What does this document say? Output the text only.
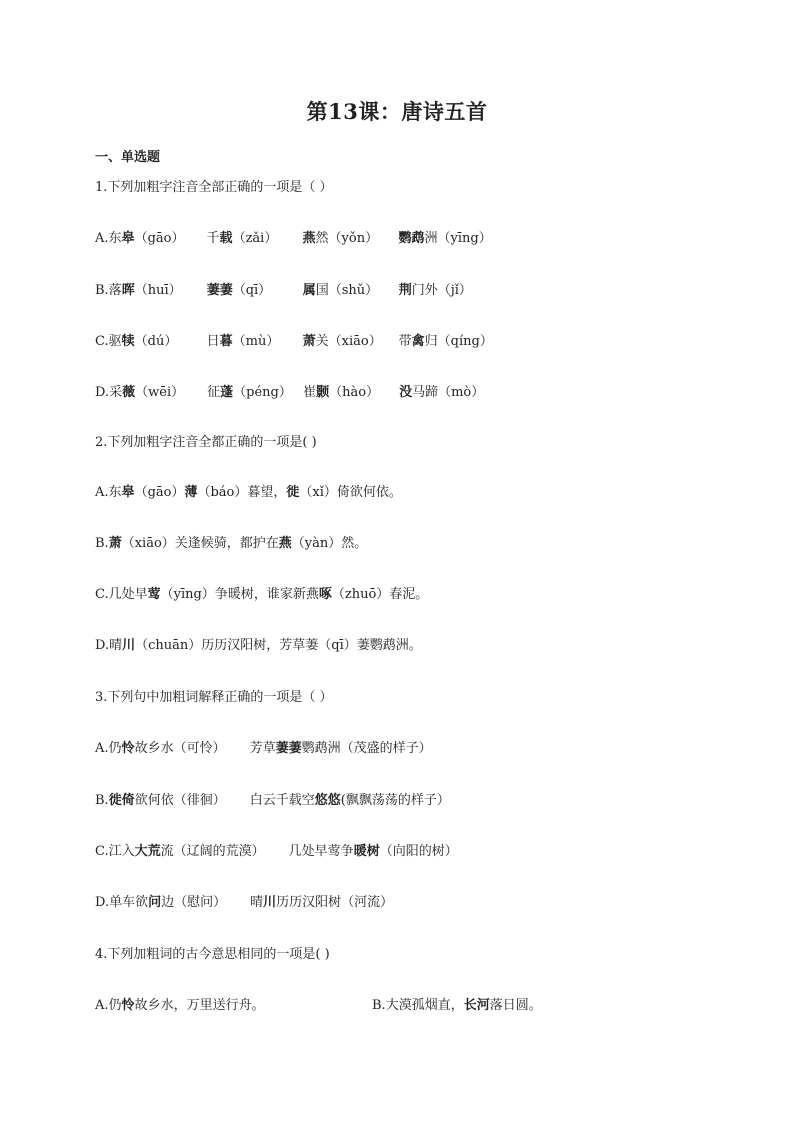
第13课：唐诗五首
一、单选题
1.下列加粗字注音全部正确的一项是（ ）
A.东皋（gāo） 千载（zǎi） 燕然（yǒn） 鹦鹉洲（yīng）
B.落晖（huī） 萋萋（qī） 属国（shǔ） 荆门外（jǐ）
C.驱犊（dú） 日暮（mù） 萧关（xiāo） 带禽归（qíng）
D.采薇（wēi） 征蓬（péng） 崔颢（hào） 没马蹄（mò）
2.下列加粗字注音全都正确的一项是( )
A.东皋（gāo）薄（báo）暮望，徙（xǐ）倚欲何依。
B.萧（xiāo）关逢候骑，都护在燕（yàn）然。
C.几处早莺（yīng）争暖树，谁家新燕啄（zhuō）春泥。
D.晴川（chuān）历历汉阳树，芳草萋（qī）萋鹦鹉洲。
3.下列句中加粗词解释正确的一项是（ ）
A.仍怜故乡水（可怜） 芳草萋萋鹦鹉洲（茂盛的样子）
B.徙倚欲何依（徘徊） 白云千载空悠悠(飘飘荡荡的样子）
C.江入大荒流（辽阔的荒漠） 几处早莺争暖树（向阳的树）
D.单车欲问边（慰问） 晴川历历汉阳树（河流）
4.下列加粗词的古今意思相同的一项是( )
A.仍怜故乡水，万里送行舟。	B.大漠孤烟直，长河落日圆。
